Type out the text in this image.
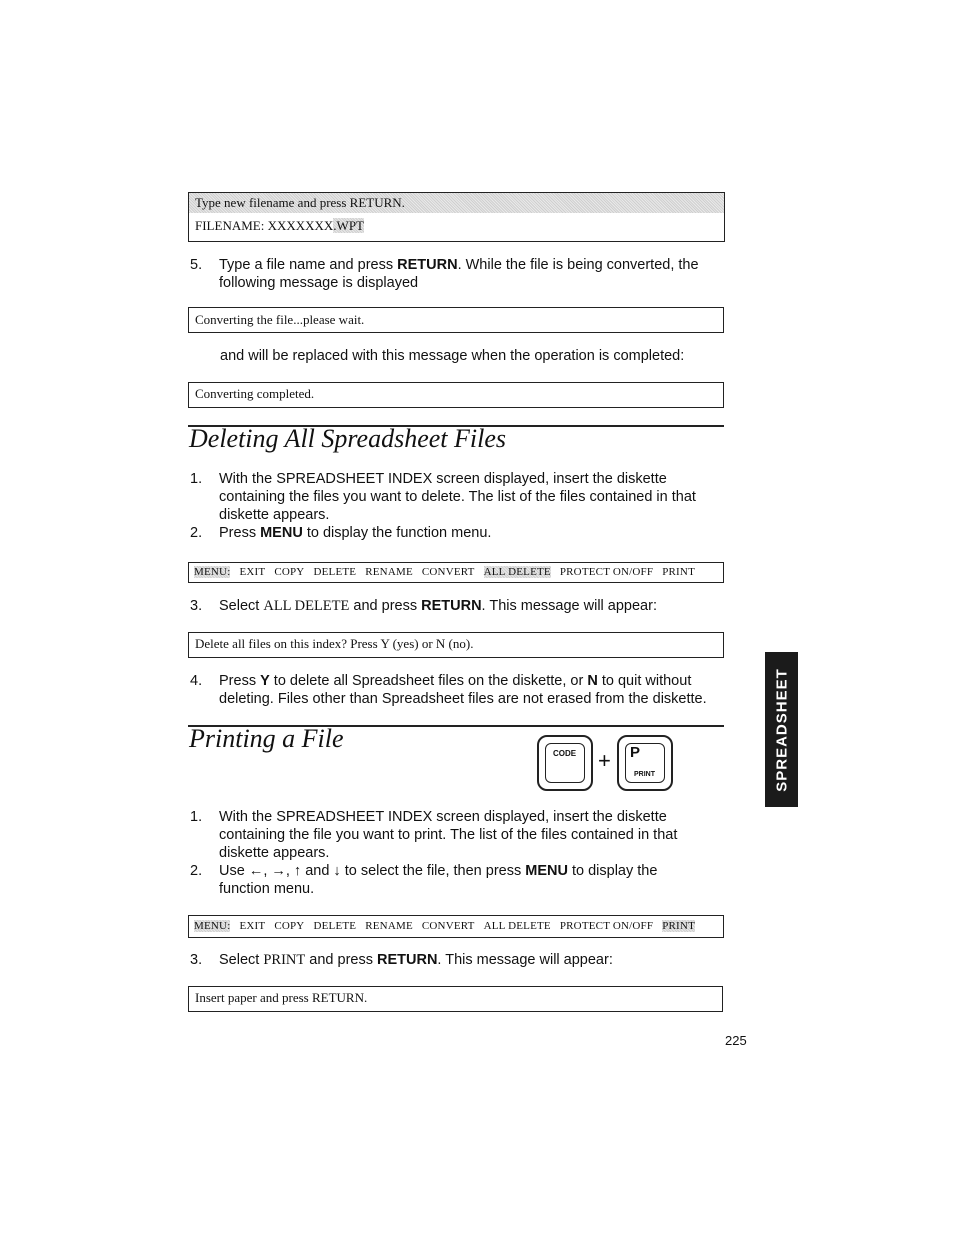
Type new filename and press RETURN.
FILENAME: XXXXXXX.WPT
5.	Type a file name and press RETURN. While the file is being converted, the following message is displayed
Converting the file...please wait.
and will be replaced with this message when the operation is completed:
Converting completed.
Deleting All Spreadsheet Files
1.	With the SPREADSHEET INDEX screen displayed, insert the diskette containing the files you want to delete. The list of the files contained in that diskette appears.
2.	Press MENU to display the function menu.
MENU: EXIT COPY DELETE RENAME CONVERT ALL DELETE PROTECT ON/OFF PRINT
3.	Select ALL DELETE and press RETURN. This message will appear:
Delete all files on this index? Press Y (yes) or N (no).
4.	Press Y to delete all Spreadsheet files on the diskette, or N to quit without deleting. Files other than Spreadsheet files are not erased from the diskette.
Printing a File
CODE + P
PRINT
1.	With the SPREADSHEET INDEX screen displayed, insert the diskette containing the file you want to print. The list of the files contained in that diskette appears.
2.	Use ←, →, ↑ and ↓ to select the file, then press MENU to display the function menu.
MENU: EXIT COPY DELETE RENAME CONVERT ALL DELETE PROTECT ON/OFF PRINT
3.	Select PRINT and press RETURN. This message will appear:
Insert paper and press RETURN.
SPREADSHEET
225
